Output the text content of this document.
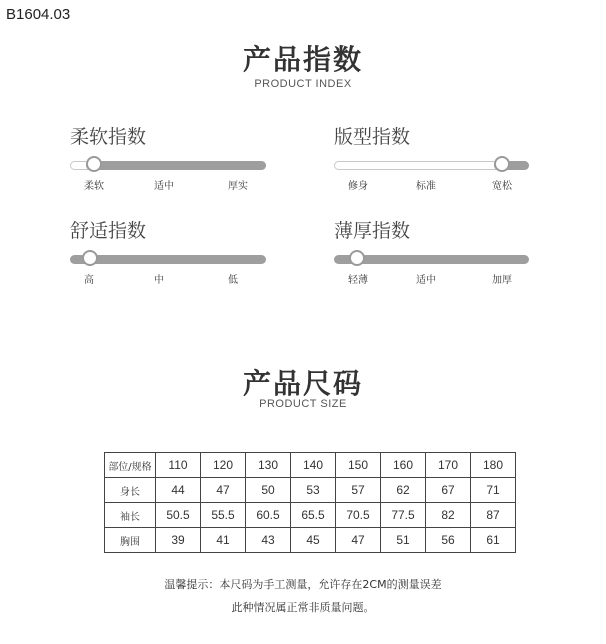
B1604.03
产品指数
PRODUCT INDEX
柔软指数
柔软	适中	厚实
版型指数
修身	标准	宽松
舒适指数
高	中	低
薄厚指数
轻薄	适中	加厚
产品尺码
PRODUCT SIZE
部位/规格	110	120	130	140	150	160	170	180
身长	44	47	50	53	57	62	67	71
袖长	50.5	55.5	60.5	65.5	70.5	77.5	82	87
胸围	39	41	43	45	47	51	56	61
温馨提示：本尺码为手工测量，允许存在2CM的测量误差
此种情况属正常非质量问题。
